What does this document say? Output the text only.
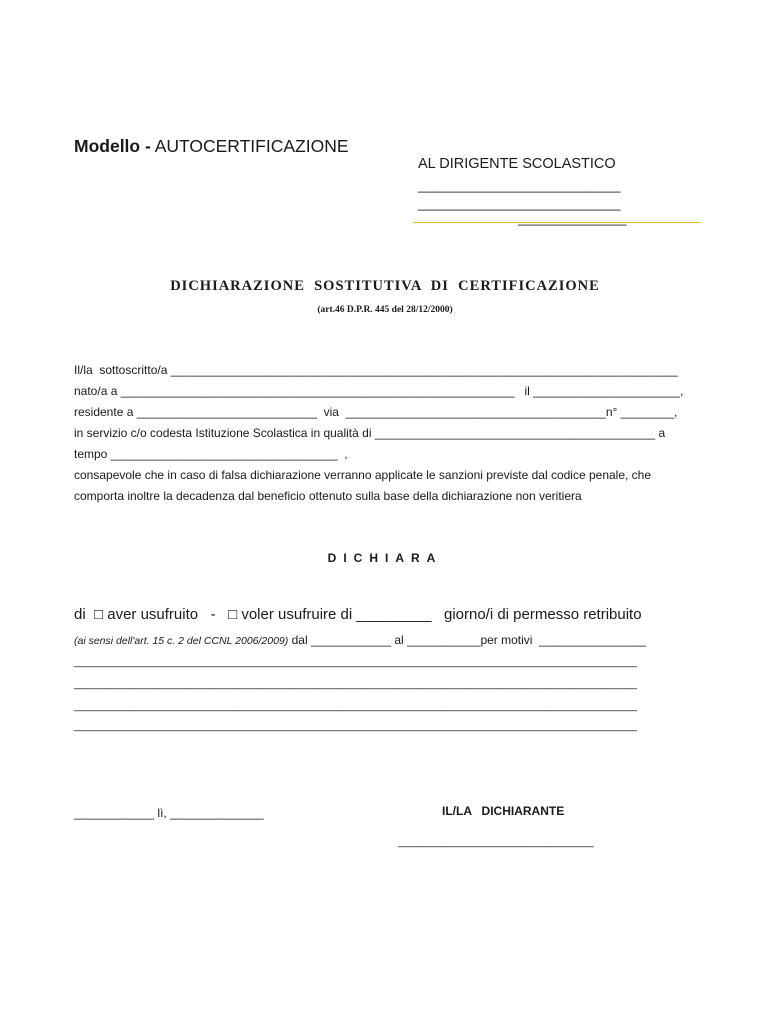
Modello - AUTOCERTIFICAZIONE
AL DIRIGENTE SCOLASTICO
____________________________
____________________________
_______________
DICHIARAZIONE  SOSTITUTIVA  DI  CERTIFICAZIONE
(art.46 D.P.R. 445 del 28/12/2000)
Il/la  sottoscritto/a ____________________________________________________________________________
nato/a a ___________________________________________________________   il ______________________,
residente a ___________________________  via  _______________________________________n° ________,
in servizio c/o codesta Istituzione Scolastica in qualità di __________________________________________ a
tempo __________________________________  ,
consapevole che in caso di falsa dichiarazione verranno applicate le sanzioni previste dal codice penale, che
comporta inoltre la decadenza dal beneficio ottenuto sulla base della dichiarazione non veritiera
DICHIARA
di  □ aver usufruito   -   □ voler usufruire di _________   giorno/i di permesso retribuito
(ai sensi dell'art. 15 c. 2 del CCNL 2006/2009) dal ____________ al ___________per motivi  ________________
____________________________________________________________________________________________
____________________________________________________________________________________________
____________________________________________________________________________________________
____________________________________________________________________________________________
____________ lì, ______________	IL/LA   DICHIARANTE
________________________________
